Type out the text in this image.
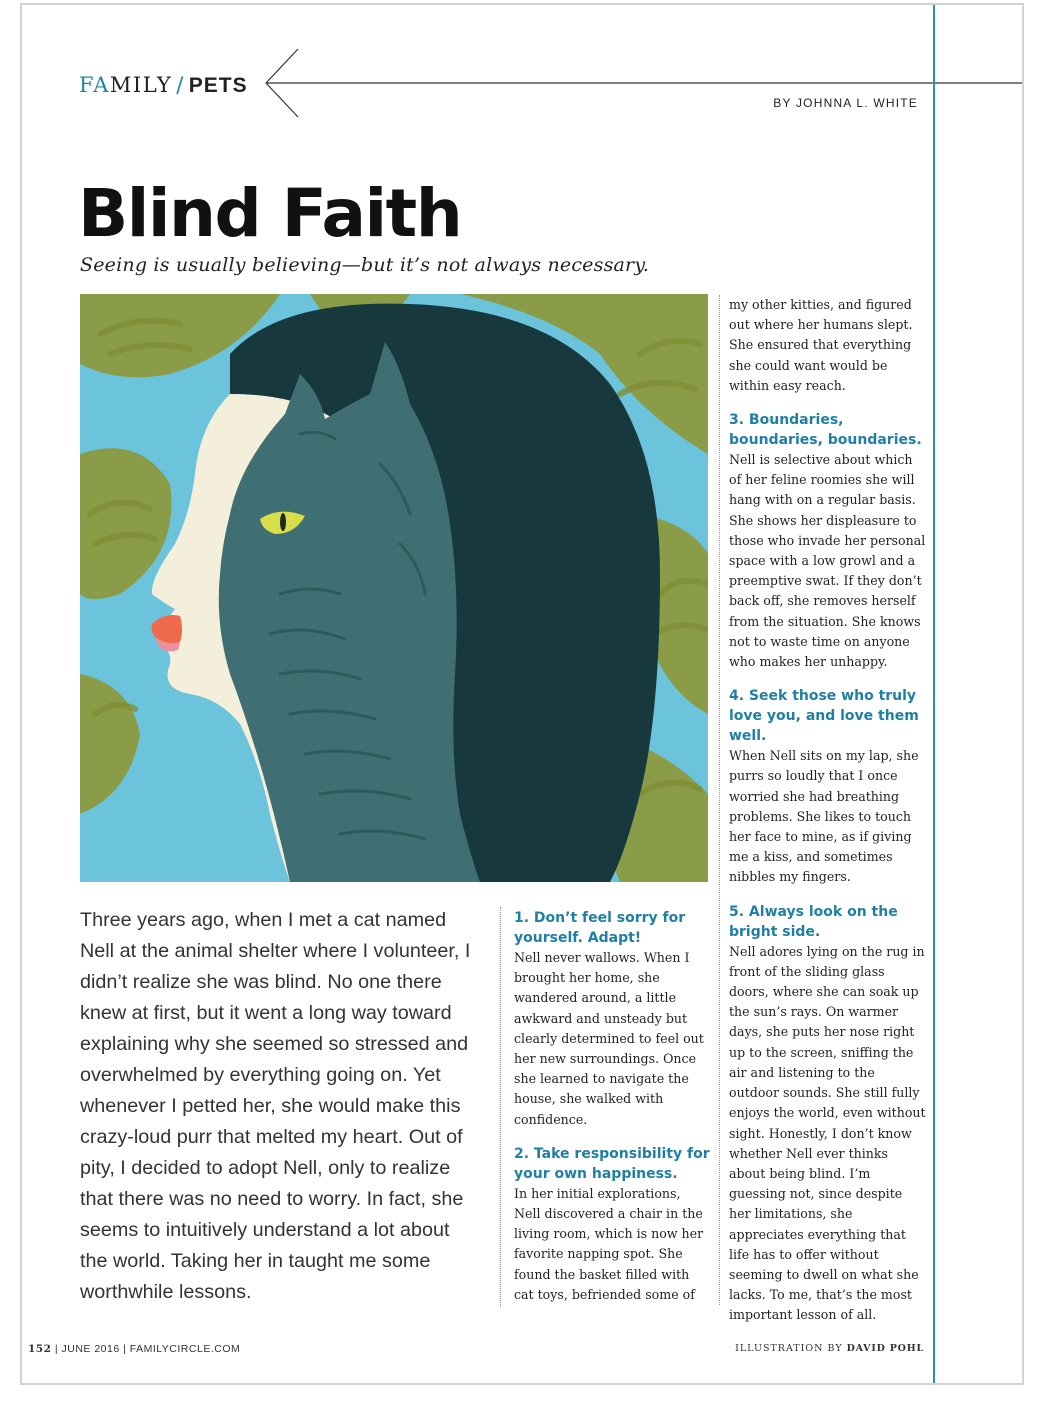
FAMILY / PETS
BY JOHNNA L. WHITE
Blind Faith
Seeing is usually believing—but it’s not always necessary.

Three years ago, when I met a cat named Nell at the animal shelter where I volunteer, I didn’t realize she was blind. No one there knew at first, but it went a long way toward explaining why she seemed so stressed and overwhelmed by everything going on. Yet whenever I petted her, she would make this crazy-loud purr that melted my heart. Out of pity, I decided to adopt Nell, only to realize that there was no need to worry. In fact, she seems to intuitively understand a lot about the world. Taking her in taught me some worthwhile lessons.

1. Don’t feel sorry for yourself. Adapt!

Nell never wallows. When I brought her home, she wandered around, a little awkward and unsteady but clearly determined to feel out her new surroundings. Once she learned to navigate the house, she walked with confidence.

2. Take responsibility for your own happiness.

In her initial explorations, Nell discovered a chair in the living room, which is now her favorite napping spot. She found the basket filled with cat toys, befriended some of

my other kitties, and figured out where her humans slept. She ensured that everything she could want would be within easy reach.

3. Boundaries, boundaries, boundaries.

Nell is selective about which of her feline roomies she will hang with on a regular basis. She shows her displeasure to those who invade her personal space with a low growl and a preemptive swat. If they don’t back off, she removes herself from the situation. She knows not to waste time on anyone who makes her unhappy.

4. Seek those who truly love you, and love them well.

When Nell sits on my lap, she purrs so loudly that I once worried she had breathing problems. She likes to touch her face to mine, as if giving me a kiss, and sometimes nibbles my fingers.

5. Always look on the bright side.

Nell adores lying on the rug in front of the sliding glass doors, where she can soak up the sun’s rays. On warmer days, she puts her nose right up to the screen, sniffing the air and listening to the outdoor sounds. She still fully enjoys the world, even without sight. Honestly, I don’t know whether Nell ever thinks about being blind. I’m guessing not, since despite her limitations, she appreciates everything that life has to offer without seeming to dwell on what she lacks. To me, that’s the most important lesson of all.

152 | JUNE 2016 | FAMILYCIRCLE.COM	ILLUSTRATION BY DAVID POHL
